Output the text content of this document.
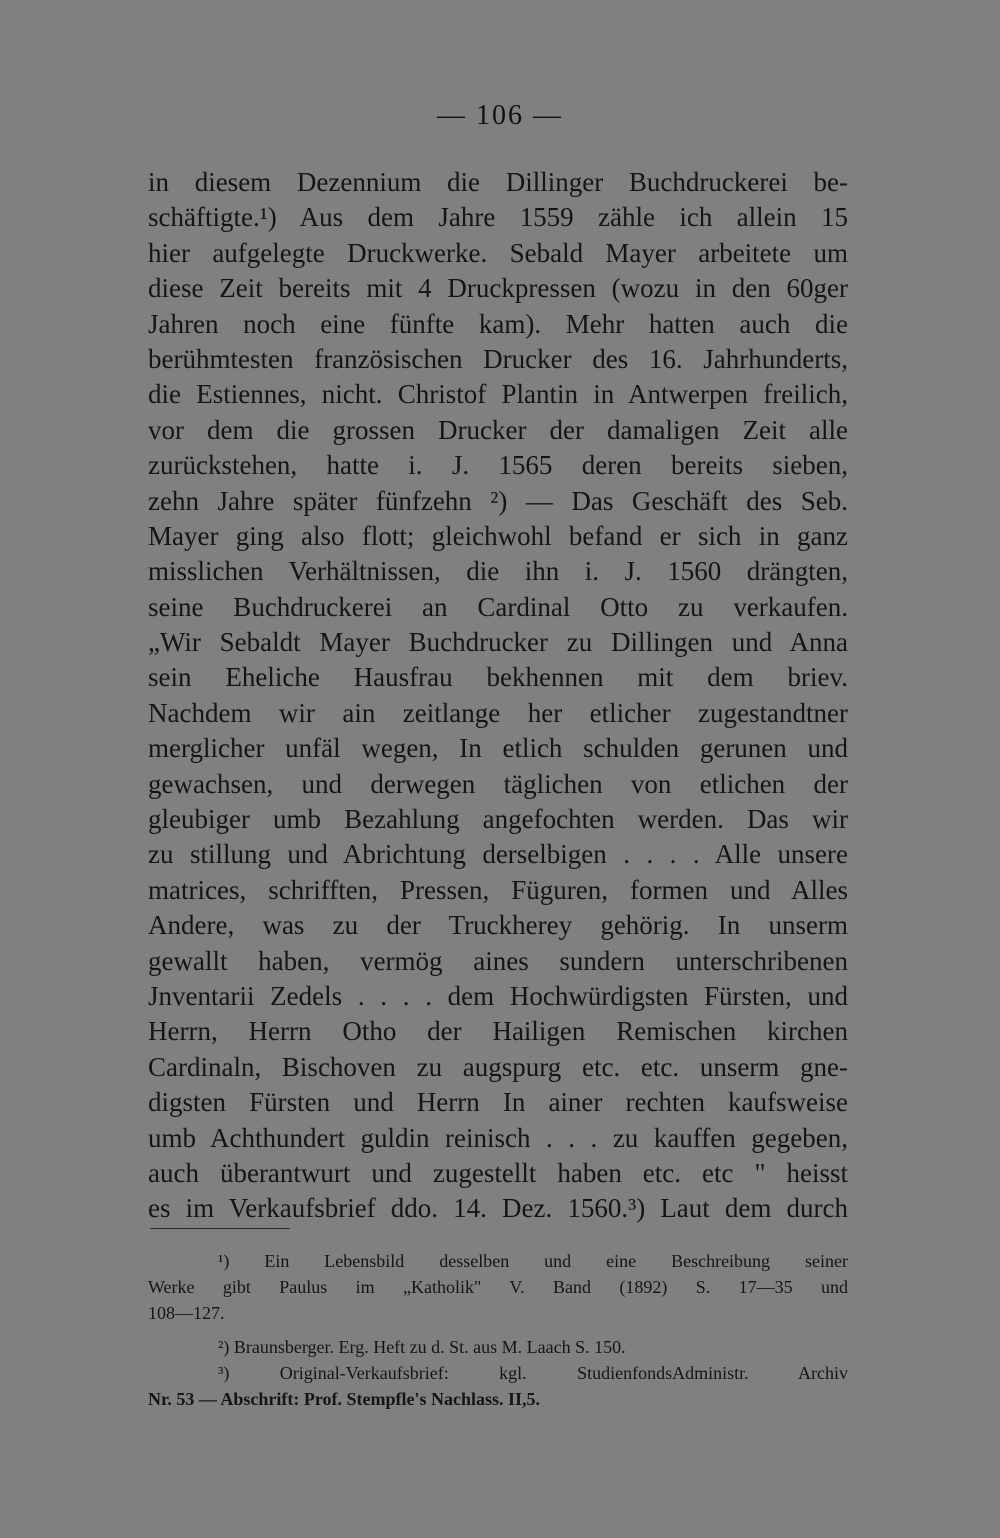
— 106 —
in diesem Dezennium die Dillinger Buchdruckerei be-
schäftigte.¹) Aus dem Jahre 1559 zähle ich allein 15
hier aufgelegte Druckwerke. Sebald Mayer arbeitete um
diese Zeit bereits mit 4 Druckpressen (wozu in den 60ger
Jahren noch eine fünfte kam). Mehr hatten auch die
berühmtesten französischen Drucker des 16. Jahrhunderts,
die Estiennes, nicht. Christof Plantin in Antwerpen freilich,
vor dem die grossen Drucker der damaligen Zeit alle
zurückstehen, hatte i. J. 1565 deren bereits sieben,
zehn Jahre später fünfzehn ²) — Das Geschäft des Seb.
Mayer ging also flott; gleichwohl befand er sich in ganz
misslichen Verhältnissen, die ihn i. J. 1560 drängten,
seine Buchdruckerei an Cardinal Otto zu verkaufen.
„Wir Sebaldt Mayer Buchdrucker zu Dillingen und Anna
sein Eheliche Hausfrau bekhennen mit dem briev.
Nachdem wir ain zeitlange her etlicher zugestandtner
merglicher unfäl wegen, In etlich schulden gerunen und
gewachsen, und derwegen täglichen von etlichen der
gleubiger umb Bezahlung angefochten werden. Das wir
zu stillung und Abrichtung derselbigen . . . . Alle unsere
matrices, schrifften, Pressen, Füguren, formen und Alles
Andere, was zu der Truckherey gehörig. In unserm
gewallt haben, vermög aines sundern unterschribenen
Jnventarii Zedels . . . . dem Hochwürdigsten Fürsten, und
Herrn, Herrn Otho der Hailigen Remischen kirchen
Cardinaln, Bischoven zu augspurg etc. etc. unserm gne-
digsten Fürsten und Herrn In ainer rechten kaufsweise
umb Achthundert guldin reinisch . . . zu kauffen gegeben,
auch überantwurt und zugestellt haben etc. etc " heisst
es im Verkaufsbrief ddo. 14. Dez. 1560.³) Laut dem durch
¹) Ein Lebensbild desselben und eine Beschreibung seiner
Werke gibt Paulus im „Katholik" V. Band (1892) S. 17—35 und
108—127.
²) Braunsberger. Erg. Heft zu d. St. aus M. Laach S. 150.
³) Original-Verkaufsbrief: kgl. StudienfondsAdministr. Archiv
Nr. 53 — Abschrift: Prof. Stempfle's Nachlass. II,5.
